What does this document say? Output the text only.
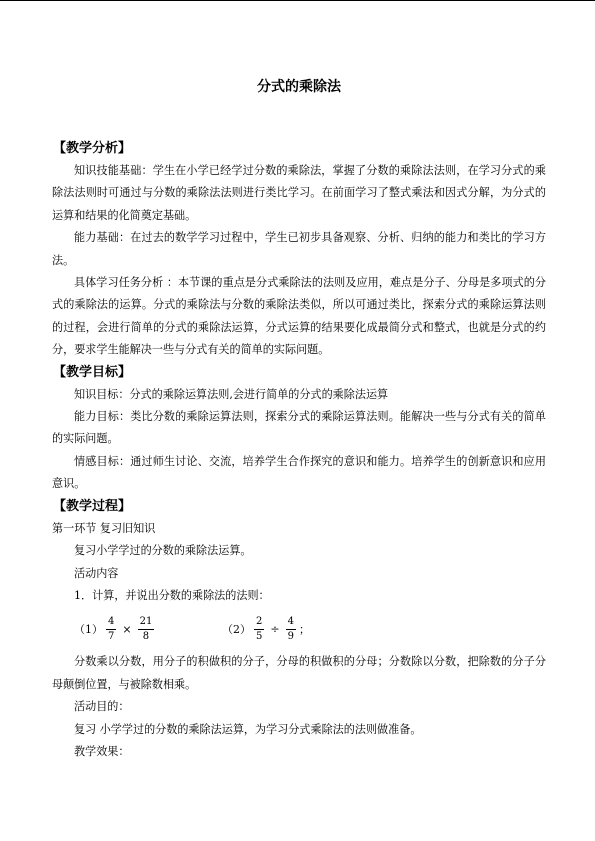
分式的乘除法
【教学分析】

知识技能基础：学生在小学已经学过分数的乘除法，掌握了分数的乘除法法则，在学习分式的乘除法法则时可通过与分数的乘除法法则进行类比学习。在前面学习了整式乘法和因式分解，为分式的运算和结果的化简奠定基础。

能力基础：在过去的数学学习过程中，学生已初步具备观察、分析、归纳的能力和类比的学习方法。

具体学习任务分析 ：本节课的重点是分式乘除法的法则及应用，难点是分子、分母是多项式的分式的乘除法的运算。分式的乘除法与分数的乘除法类似，所以可通过类比，探索分式的乘除运算法则的过程，会进行简单的分式的乘除法运算，分式运算的结果要化成最简分式和整式，也就是分式的约分，要求学生能解决一些与分式有关的简单的实际问题。

【教学目标】

知识目标：分式的乘除运算法则,会进行简单的分式的乘除法运算

能力目标：类比分数的乘除运算法则，探索分式的乘除运算法则。能解决一些与分式有关的简单的实际问题。

情感目标：通过师生讨论、交流，培养学生合作探究的意识和能力。培养学生的创新意识和应用意识。

【教学过程】

第一环节 复习旧知识

复习小学学过的分数的乘除法运算。

活动内容

1．计算，并说出分数的乘除法的法则：

$(1) \frac{4}{7} \times \frac{21}{8}$	$(2) \frac{2}{5} \div \frac{4}{9}$ ；

分数乘以分数，用分子的积做积的分子，分母的积做积的分母；分数除以分数，把除数的分子分母颠倒位置，与被除数相乘。

活动目的：

复习 小学学过的分数的乘除法运算，为学习分式乘除法的法则做准备。

教学效果：
